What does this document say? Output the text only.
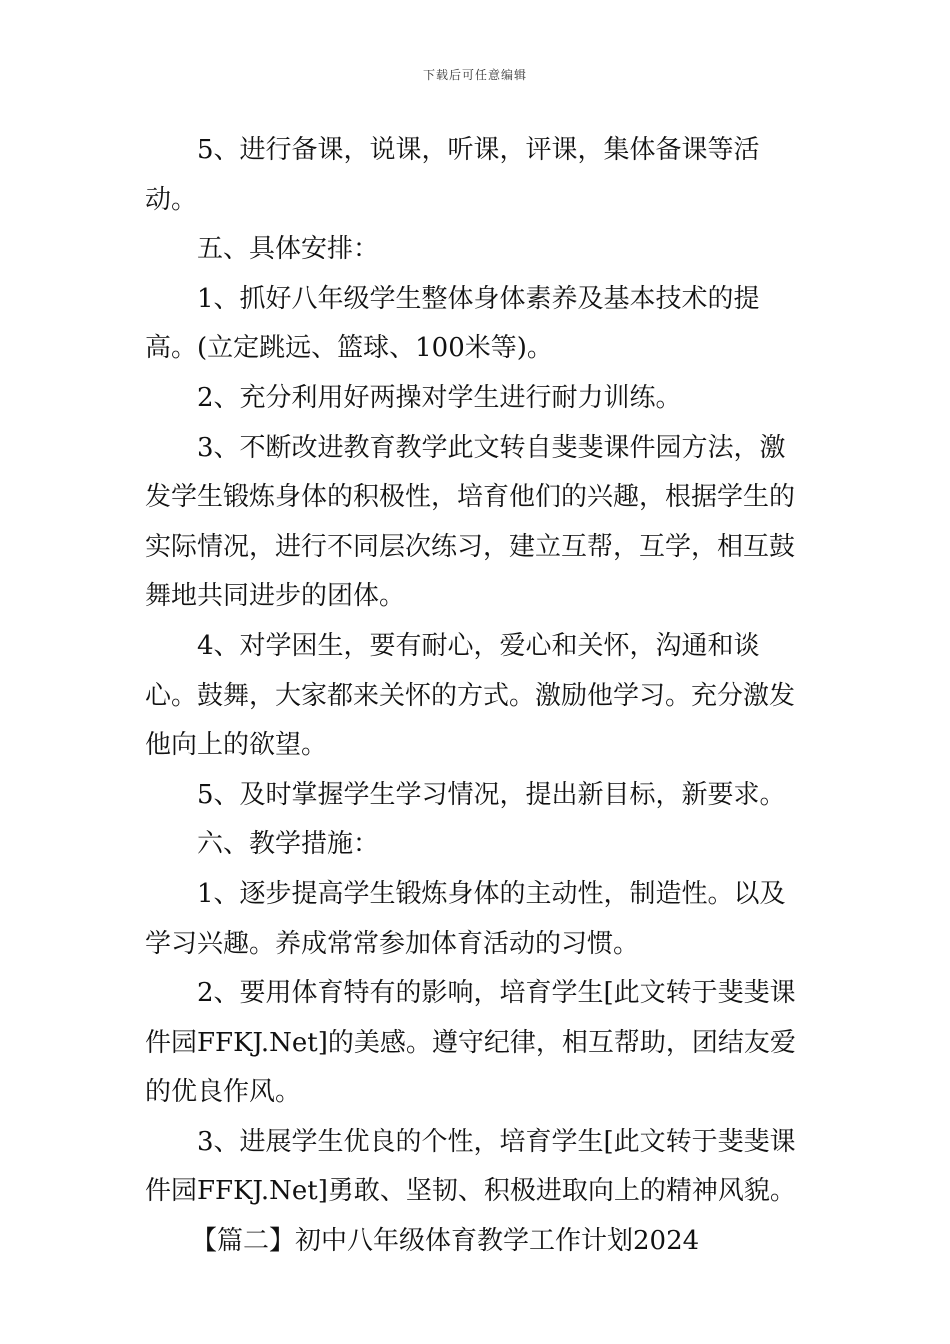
下载后可任意编辑

5、进行备课，说课，听课，评课，集体备课等活动。

五、具体安排：

1、抓好八年级学生整体身体素养及基本技术的提高。(立定跳远、篮球、100米等)。

2、充分利用好两操对学生进行耐力训练。

3、不断改进教育教学此文转自斐斐课件园方法，激发学生锻炼身体的积极性，培育他们的兴趣，根据学生的实际情况，进行不同层次练习，建立互帮，互学，相互鼓舞地共同进步的团体。

4、对学困生，要有耐心，爱心和关怀，沟通和谈心。鼓舞，大家都来关怀的方式。激励他学习。充分激发他向上的欲望。

5、及时掌握学生学习情况，提出新目标，新要求。

六、教学措施：

1、逐步提高学生锻炼身体的主动性，制造性。以及学习兴趣。养成常常参加体育活动的习惯。

2、要用体育特有的影响，培育学生[此文转于斐斐课件园FFKJ.Net]的美感。遵守纪律，相互帮助，团结友爱的优良作风。

3、进展学生优良的个性，培育学生[此文转于斐斐课件园FFKJ.Net]勇敢、坚韧、积极进取向上的精神风貌。

【篇二】初中八年级体育教学工作计划2024
